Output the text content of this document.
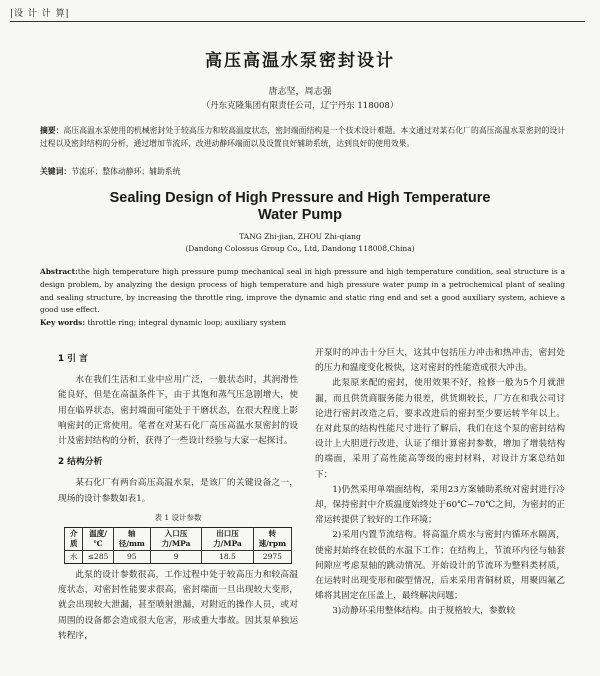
|设 计 计 算|
高压高温水泵密封设计
唐志坚，周志强
（丹东克隆集团有限责任公司，辽宁丹东 118008）
摘要：高压高温水泵使用的机械密封处于较高压力和较高温度状态，密封端面结构是一个技术设计难题。本文通过对某石化厂的高压高温水泵密封的设计过程以及密封结构的分析，通过增加节流环，改进动静环端面以及设置良好辅助系统，达到良好的使用效果。
关键词：节流环；整体动静环；辅助系统
Sealing Design of High Pressure and High Temperature
Water Pump
TANG Zhi-jian, ZHOU Zhi-qiang
(Dandong Colossus Group Co., Ltd, Dandong 118008,China)
Abstract:the high temperature high pressure pump mechanical seal in high pressure and high temperature condition, seal structure is a design problem, by analyzing the design process of high temperature and high pressure water pump in a petrochemical plant of sealing and sealing structure, by increasing the throttle ring, improve the dynamic and static ring end and set a good auxiliary system, achieve a good use effect.
Key words: throttle ring; integral dynamic loop; auxiliary system
1 引 言

水在我们生活和工业中应用广泛，一般状态时，其润滑性能良好，但是在高温条件下，由于其饱和蒸气压急剧增大，使用在临界状态，密封端面可能处于干磨状态，在很大程度上影响密封的正常使用。笔者在对某石化厂高压高温水泵密封的设计及密封结构的分析，获得了一些设计经验与大家一起探讨。

2 结构分析

某石化厂有两台高压高温水泵，是该厂的关键设备之一，现场的设计参数如表1。

表 1 设计参数
介质	温度/℃	轴径/mm	入口压力/MPa	出口压力/MPa	转速/rpm
水	≤285	95	9	18.5	2975

此泵的设计参数很高，工作过程中处于较高压力和较高温度状态，对密封性能要求很高，密封端面一旦出现较大变形，就会出现较大泄漏，甚至喷射泄漏，对附近的操作人员，或对周围的设备都会造成很大危害，形成重大事故。因其泵单独运转程序，

开泵时的冲击十分巨大，这其中包括压力冲击和热冲击，密封处的压力和温度变化极快，这对密封的性能造成很大冲击。

此泵原来配的密封，使用效果不好，检修一般为5个月就泄漏，而且供货商服务能力很差，供货期较长，厂方在和我公司讨论进行密封改造之后，要求改进后的密封至少要运转半年以上。在对此泵的结构性能尺寸进行了解后，我们在这个泵的密封结构设计上大胆进行改进，认证了细计算密封参数，增加了增装结构的端面，采用了高性能高等级的密封材料，对设计方案总结如下：

1)仍然采用单端面结构，采用23方案辅助系统对密封进行冷却，保持密封中介质温度始终处于60℃~70℃之间，为密封的正常运转提供了较好的工作环境；

2)采用内置节流结构。将高温介质水与密封内循环水隔离，使密封始终在较低的水温下工作；在结构上，节流环内径与轴套间隙应考虑泵轴的跳动情况。开始设计的节流环为整料类材质，在运转时出现变形和碳型情况，后来采用青铜材质，用聚四氟乙烯将其固定在压盖上，最终解决问题；

3)动静环采用整体结构。由于规格较大，参数较
